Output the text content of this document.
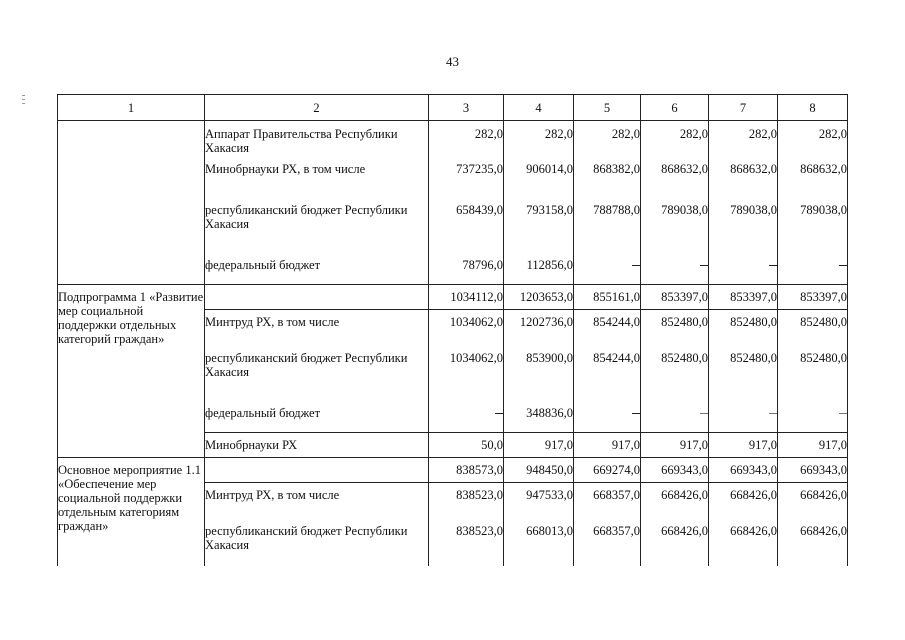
43
1	2	3	4	5	6	7	8
	Аппарат Правительства Республики Хакасия	282,0	282,0	282,0	282,0	282,0	282,0
	Минобрнауки РХ, в том числе	737235,0	906014,0	868382,0	868632,0	868632,0	868632,0
	республиканский бюджет Республики Хакасия	658439,0	793158,0	788788,0	789038,0	789038,0	789038,0
	федеральный бюджет	78796,0	112856,0				
Подпрограмма 1 «Развитие мер социальной поддержки отдельных категорий граждан»		1034112,0	1203653,0	855161,0	853397,0	853397,0	853397,0
	Минтруд РХ, в том числе	1034062,0	1202736,0	854244,0	852480,0	852480,0	852480,0
	республиканский бюджет Республики Хакасия	1034062,0	853900,0	854244,0	852480,0	852480,0	852480,0
	федеральный бюджет		348836,0				
	Минобрнауки РХ	50,0	917,0	917,0	917,0	917,0	917,0
Основное мероприятие 1.1 «Обеспечение мер социальной поддержки отдельным категориям граждан»		838573,0	948450,0	669274,0	669343,0	669343,0	669343,0
	Минтруд РХ, в том числе	838523,0	947533,0	668357,0	668426,0	668426,0	668426,0
	республиканский бюджет Республики Хакасия	838523,0	668013,0	668357,0	668426,0	668426,0	668426,0
